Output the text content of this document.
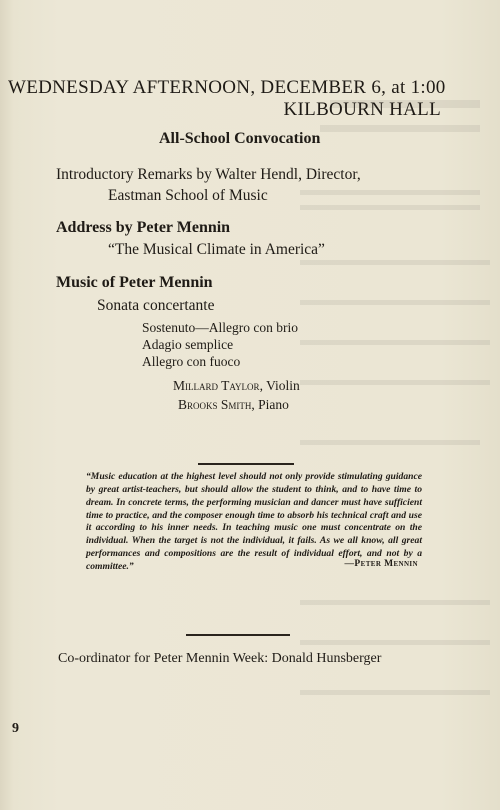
WEDNESDAY AFTERNOON, DECEMBER 6, at 1:00
KILBOURN HALL
All-School Convocation
Introductory Remarks by Walter Hendl, Director,
Eastman School of Music
Address by Peter Mennin
“The Musical Climate in America”
Music of Peter Mennin
Sonata concertante
Sostenuto—Allegro con brio
Adagio semplice
Allegro con fuoco
Millard Taylor, Violin
Brooks Smith, Piano
“Music education at the highest level should not only provide stimulating guidance by great artist-teachers, but should allow the student to think, and to have time to dream. In concrete terms, the performing musician and dancer must have sufficient time to practice, and the composer enough time to absorb his technical craft and use it according to his inner needs. In teaching music one must concentrate on the individual. When the target is not the individual, it fails. As we all know, all great performances and compositions are the result of individual effort, and not by a committee.”	—Peter Mennin
Co-ordinator for Peter Mennin Week: Donald Hunsberger
9
